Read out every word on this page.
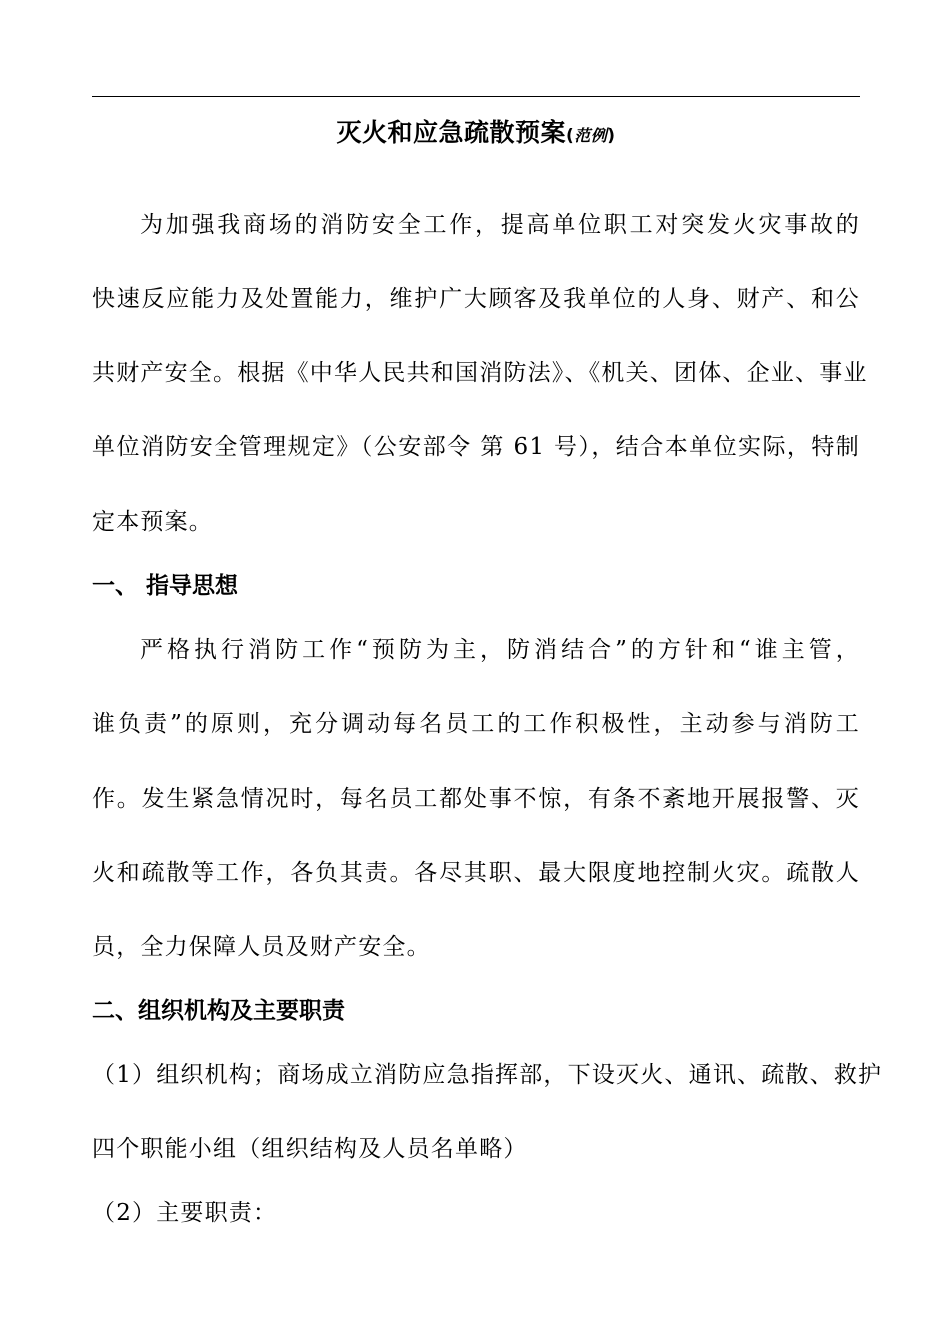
灭火和应急疏散预案(范例)
为加强我商场的消防安全工作，提高单位职工对突发火灾事故的
快速反应能力及处置能力，维护广大顾客及我单位的人身、财产、和公
共财产安全。根据《中华人民共和国消防法》、《机关、团体、企业、事业
单位消防安全管理规定》（公安部令 第 61 号），结合本单位实际，特制
定本预案。
一、 指导思想
严格执行消防工作“预防为主，防消结合”的方针和“谁主管，
谁负责”的原则，充分调动每名员工的工作积极性，主动参与消防工
作。发生紧急情况时，每名员工都处事不惊，有条不紊地开展报警、灭
火和疏散等工作，各负其责。各尽其职、最大限度地控制火灾。疏散人
员，全力保障人员及财产安全。
二、组织机构及主要职责
（1）组织机构；商场成立消防应急指挥部，下设灭火、通讯、疏散、救护
四个职能小组（组织结构及人员名单略）
（2）主要职责：
